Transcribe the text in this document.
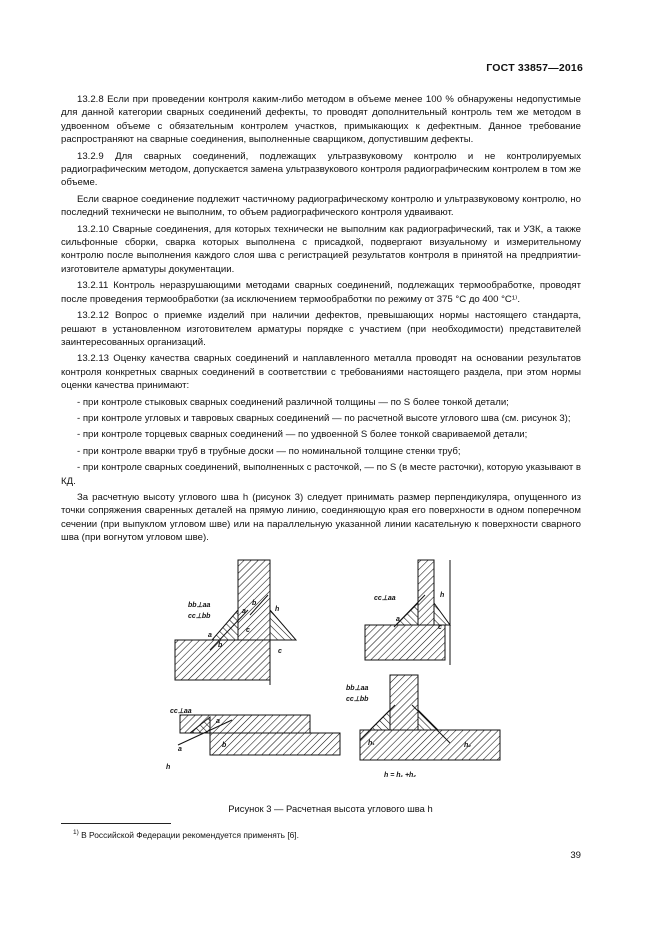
ГОСТ 33857—2016

13.2.8 Если при проведении контроля каким-либо методом в объеме менее 100 % обнаружены недопустимые для данной категории сварных соединений дефекты, то проводят дополнительный контроль тем же методом в удвоенном объеме с обязательным контролем участков, примыкающих к дефектным. Данное требование распространяют на сварные соединения, выполненные сварщиком, допустившим дефекты.

13.2.9 Для сварных соединений, подлежащих ультразвуковому контролю и не контролируемых радиографическим методом, допускается замена ультразвукового контроля радиографическим контролем в том же объеме.

Если сварное соединение подлежит частичному радиографическому контролю и ультразвуковому контролю, но последний технически не выполним, то объем радиографического контроля удваивают.

13.2.10 Сварные соединения, для которых технически не выполним как радиографический, так и УЗК, а также сильфонные сборки, сварка которых выполнена с присадкой, подвергают визуальному и измерительному контролю после выполнения каждого слоя шва с регистрацией результатов контроля в принятой на предприятии-изготовителе арматуры документации.

13.2.11 Контроль неразрушающими методами сварных соединений, подлежащих термообработке, проводят после проведения термообработки (за исключением термообработки по режиму от 375 °С до 400 °С¹⁾.

13.2.12 Вопрос о приемке изделий при наличии дефектов, превышающих нормы настоящего стандарта, решают в установленном изготовителем арматуры порядке с участием (при необходимости) представителей заинтересованных организаций.

13.2.13 Оценку качества сварных соединений и наплавленного металла проводят на основании результатов контроля конкретных сварных соединений в соответствии с требованиями настоящего раздела, при этом нормы оценки качества принимают:

- при контроле стыковых сварных соединений различной толщины — по S более тонкой детали;

- при контроле угловых и тавровых сварных соединений — по расчетной высоте углового шва (см. рисунок 3);

- при контроле торцевых сварных соединений — по удвоенной S более тонкой свариваемой детали;

- при контроле вварки труб в трубные доски — по номинальной толщине стенки труб;

- при контроле сварных соединений, выполненных с расточкой, — по S (в месте расточки), которую указывают в КД.

За расчетную высоту углового шва h (рисунок 3) следует принимать размер перпендикуляра, опущенного из точки сопряжения сваренных деталей на прямую линию, соединяющую края его поверхности в одном поперечном сечении (при выпуклом угловом шве) или на параллельную указанной линии касательную к поверхности сварного шва (при вогнутом угловом шве).

bb⊥aa
cc⊥bb
a
a
b
c
b
c
h
cc⊥aa
a
c
h
cc⊥aa
a
a
b
h
bb⊥aa
cc⊥bb
h₁	h₂
h = h₁ +h₂
Рисунок 3 — Расчетная высота углового шва h
$^{1)}$ В Российской Федерации рекомендуется применять [6].
39
